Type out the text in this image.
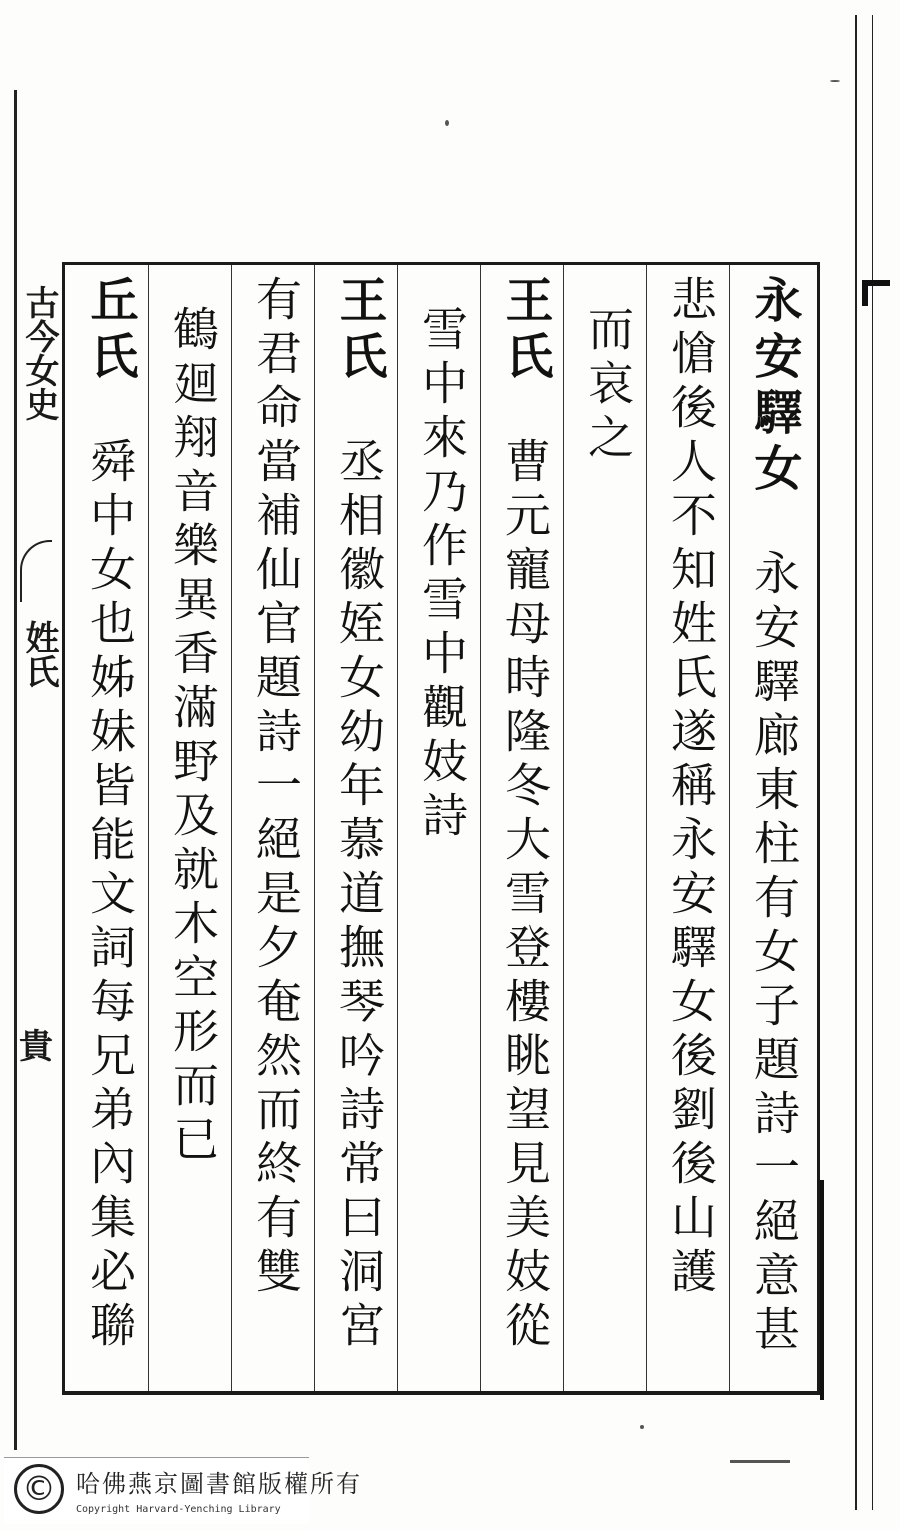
古今女史
姓氏
貴
永安驛女永安驛廊東柱有女子題詩一絕意甚
悲愴後人不知姓氏遂稱永安驛女後劉後山護
而哀之
王氏曹元寵母時隆冬大雪登樓眺望見美妓從
雪中來乃作雪中觀妓詩
王氏丞相徽姪女幼年慕道撫琴吟詩常曰洞宮
有君命當補仙官題詩一絕是夕奄然而終有雙
鶴廻翔音樂異香滿野及就木空形而已
丘氏舜中女也姊妹皆能文詞每兄弟內集必聯
© 哈佛燕京圖書館版權所有
Copyright Harvard-Yenching Library
